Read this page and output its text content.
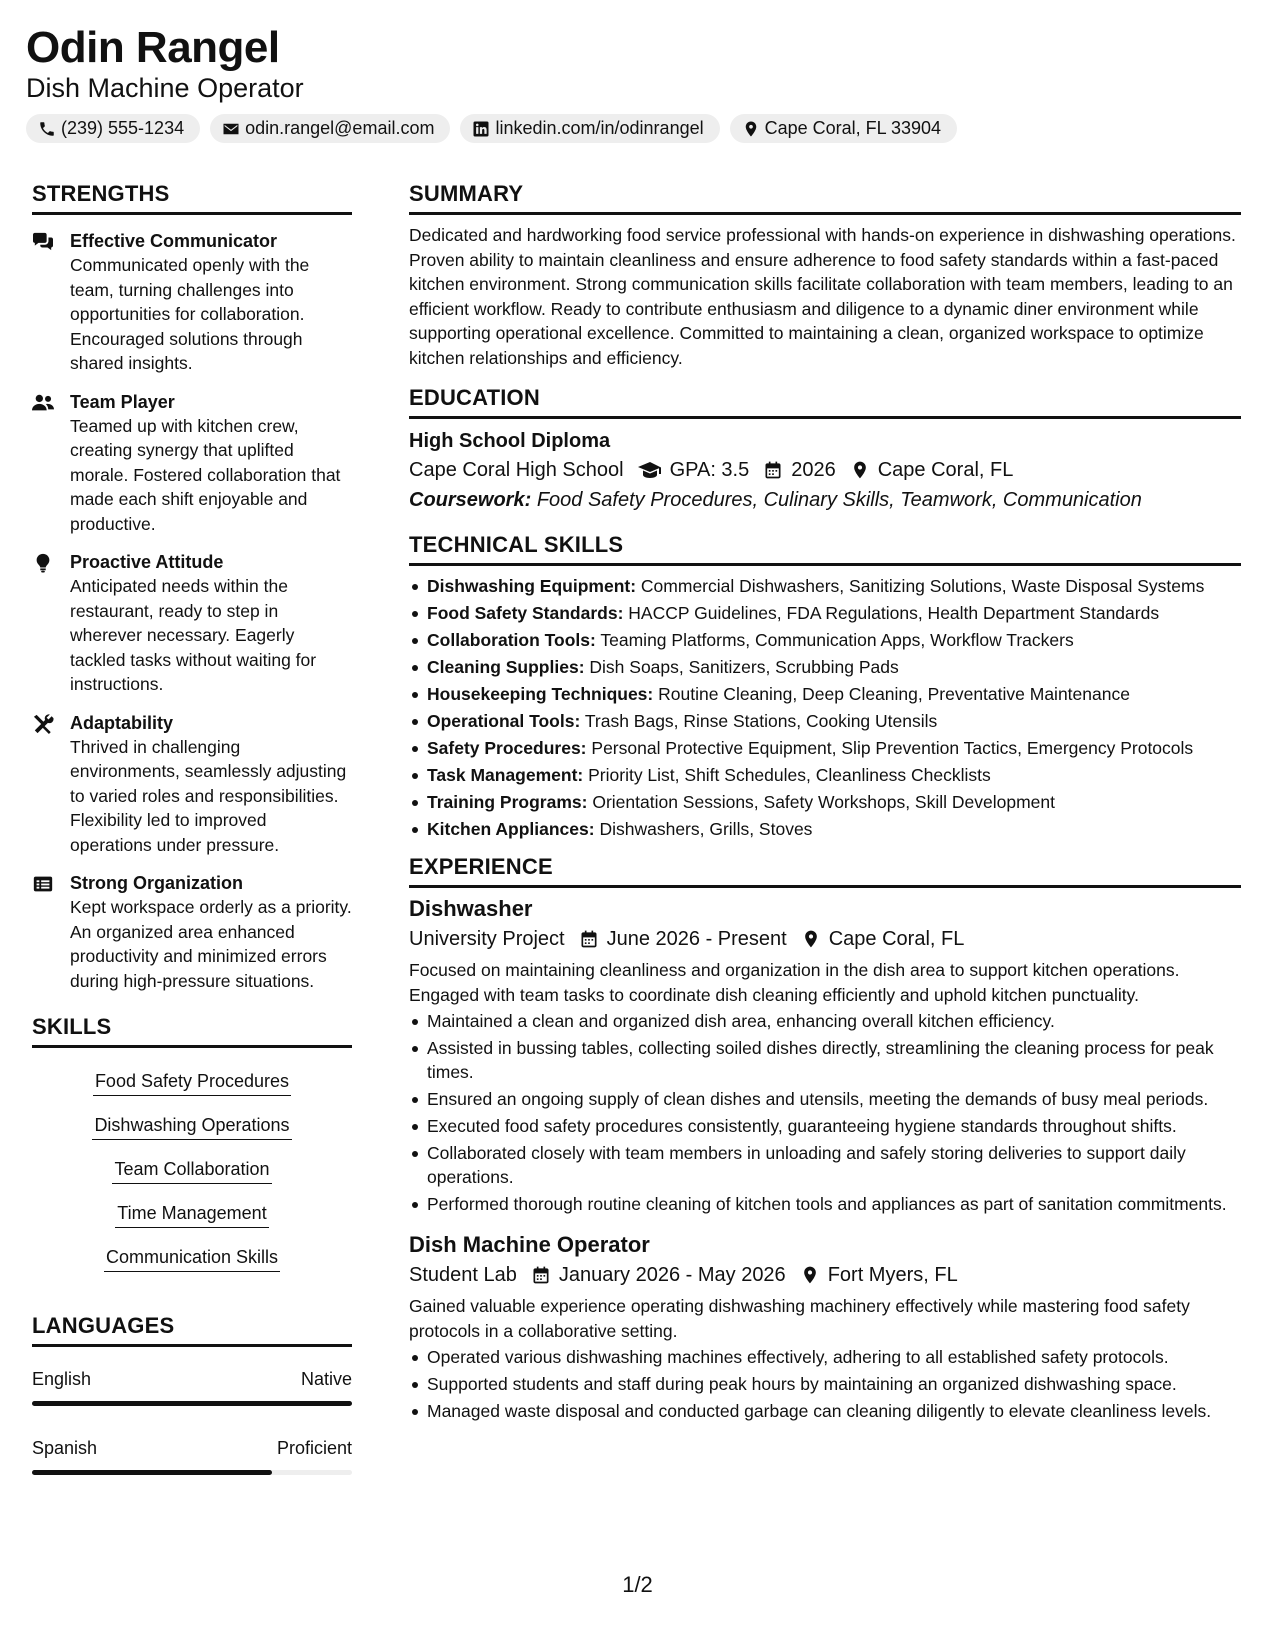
Odin Rangel
Dish Machine Operator
(239) 555-1234	odin.rangel@email.com	linkedin.com/in/odinrangel	Cape Coral, FL 33904
STRENGTHS
Effective Communicator
Communicated openly with the team, turning challenges into opportunities for collaboration. Encouraged solutions through shared insights.
Team Player
Teamed up with kitchen crew, creating synergy that uplifted morale. Fostered collaboration that made each shift enjoyable and productive.
Proactive Attitude
Anticipated needs within the restaurant, ready to step in wherever necessary. Eagerly tackled tasks without waiting for instructions.
Adaptability
Thrived in challenging environments, seamlessly adjusting to varied roles and responsibilities. Flexibility led to improved operations under pressure.
Strong Organization
Kept workspace orderly as a priority. An organized area enhanced productivity and minimized errors during high-pressure situations.
SKILLS
Food Safety Procedures
Dishwashing Operations
Team Collaboration
Time Management
Communication Skills
LANGUAGES
English	Native
Spanish	Proficient
SUMMARY
Dedicated and hardworking food service professional with hands-on experience in dishwashing operations. Proven ability to maintain cleanliness and ensure adherence to food safety standards within a fast-paced kitchen environment. Strong communication skills facilitate collaboration with team members, leading to an efficient workflow. Ready to contribute enthusiasm and diligence to a dynamic diner environment while supporting operational excellence. Committed to maintaining a clean, organized workspace to optimize kitchen relationships and efficiency.
EDUCATION
High School Diploma
Cape Coral High School GPA: 3.5 2026 Cape Coral, FL
Coursework: Food Safety Procedures, Culinary Skills, Teamwork, Communication
TECHNICAL SKILLS
Dishwashing Equipment: Commercial Dishwashers, Sanitizing Solutions, Waste Disposal Systems
Food Safety Standards: HACCP Guidelines, FDA Regulations, Health Department Standards
Collaboration Tools: Teaming Platforms, Communication Apps, Workflow Trackers
Cleaning Supplies: Dish Soaps, Sanitizers, Scrubbing Pads
Housekeeping Techniques: Routine Cleaning, Deep Cleaning, Preventative Maintenance
Operational Tools: Trash Bags, Rinse Stations, Cooking Utensils
Safety Procedures: Personal Protective Equipment, Slip Prevention Tactics, Emergency Protocols
Task Management: Priority List, Shift Schedules, Cleanliness Checklists
Training Programs: Orientation Sessions, Safety Workshops, Skill Development
Kitchen Appliances: Dishwashers, Grills, Stoves
EXPERIENCE
Dishwasher
University Project June 2026 - Present Cape Coral, FL
Focused on maintaining cleanliness and organization in the dish area to support kitchen operations. Engaged with team tasks to coordinate dish cleaning efficiently and uphold kitchen punctuality.
Maintained a clean and organized dish area, enhancing overall kitchen efficiency.
Assisted in bussing tables, collecting soiled dishes directly, streamlining the cleaning process for peak times.
Ensured an ongoing supply of clean dishes and utensils, meeting the demands of busy meal periods.
Executed food safety procedures consistently, guaranteeing hygiene standards throughout shifts.
Collaborated closely with team members in unloading and safely storing deliveries to support daily operations.
Performed thorough routine cleaning of kitchen tools and appliances as part of sanitation commitments.
Dish Machine Operator
Student Lab January 2026 - May 2026 Fort Myers, FL
Gained valuable experience operating dishwashing machinery effectively while mastering food safety protocols in a collaborative setting.
Operated various dishwashing machines effectively, adhering to all established safety protocols.
Supported students and staff during peak hours by maintaining an organized dishwashing space.
Managed waste disposal and conducted garbage can cleaning diligently to elevate cleanliness levels.
1/2
